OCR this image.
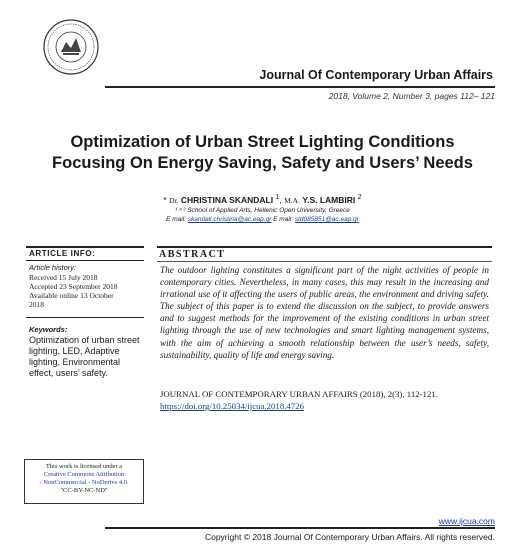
Journal Of Contemporary Urban Affairs
2018, Volume 2, Number 3, pages 112– 121
Optimization of Urban Street Lighting Conditions
Focusing On Energy Saving, Safety and Users’ Needs
* Dr. CHRISTINA SKANDALI $^1$, M.A. Y.S. LAMBIRI $^2$
¹ ᵃ ² School of Applied Arts, Hellenic Open University, Greece
E mail: skandali.christina@ac.eap.gr E mail: std085851@ac.eap.gr
ARTICLE INFO:
Article history:
Received 15 July 2018
Accepted 23 September 2018
Available online 13 October
2018
Keywords:
Optimization of urban street lighting, LED, Adaptive lighting, Environmental effect, users’ safety.
This work is licensed under a
Creative Commons Attribution
- NonCommercial - NoDerivs 4.0.
"CC-BY-NC-ND"
ABSTRACT
The outdoor lighting constitutes a significant part of the night activities of people in contemporary cities. Nevertheless, in many cases, this may result in the increasing and irrational use of it affecting the users of public areas, the environment and driving safety. The subject of this paper is to extend the discussion on the subject, to provide answers and to suggest methods for the improvement of the existing conditions in urban street lighting through the use of new technologies and smart lighting management systems, with the aim of achieving a smooth relationship between the user’s needs, safety, sustainability, quality of life and energy saving.
JOURNAL OF CONTEMPORARY URBAN AFFAIRS (2018), 2(3), 112-121.
https://doi.org/10.25034/ijcua.2018.4726
www.ijcua.com
Copyright © 2018 Journal Of Contemporary Urban Affairs. All rights reserved.
